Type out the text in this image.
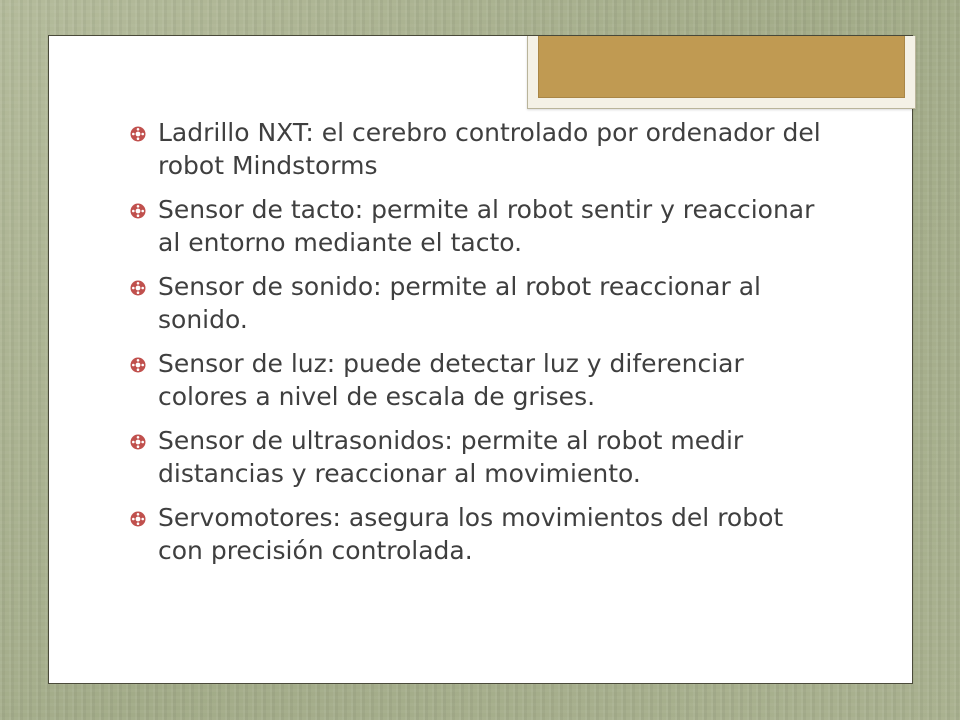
Ladrillo NXT: el cerebro controlado por ordenador del robot Mindstorms
Sensor de tacto: permite al robot sentir y reaccionar al entorno mediante el tacto.
Sensor de sonido: permite al robot reaccionar al sonido.
Sensor de luz: puede detectar luz y diferenciar colores a nivel de escala de grises.
Sensor de ultrasonidos: permite al robot medir distancias y reaccionar al movimiento.
Servomotores: asegura los movimientos del robot con precisión controlada.
